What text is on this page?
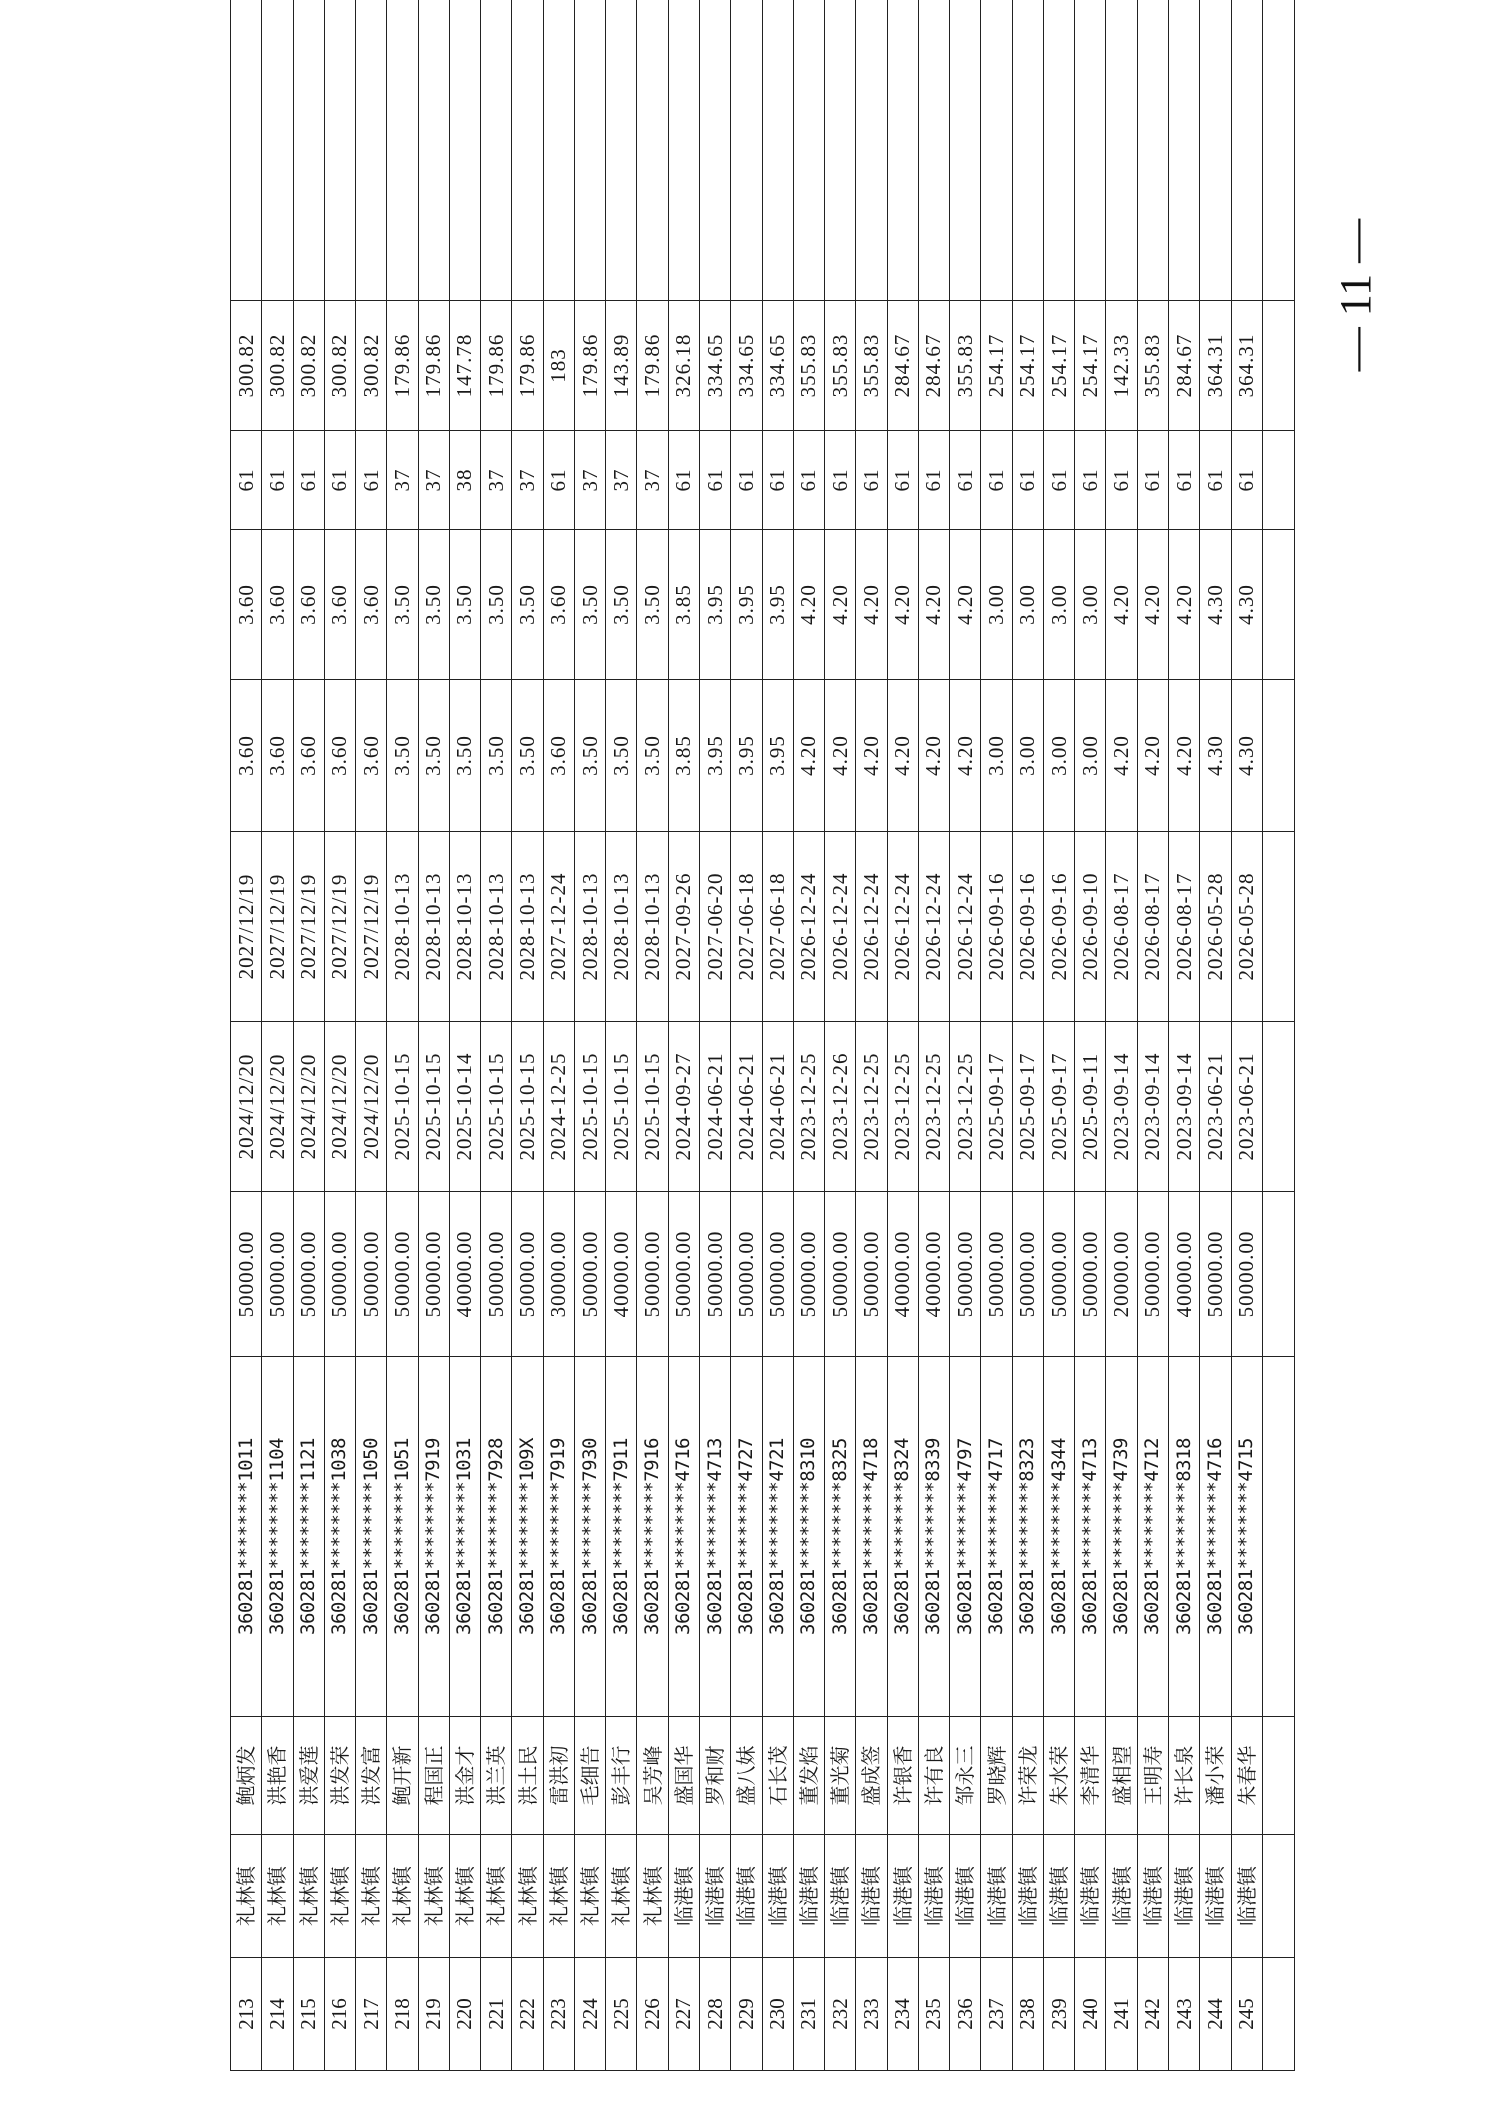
213	礼林镇	鲍炳发	360281********1011	50000.00	2024/12/20	2027/12/19	3.60	3.60	61	300.82	
214	礼林镇	洪艳香	360281********1104	50000.00	2024/12/20	2027/12/19	3.60	3.60	61	300.82	
215	礼林镇	洪爱莲	360281********1121	50000.00	2024/12/20	2027/12/19	3.60	3.60	61	300.82	
216	礼林镇	洪发荣	360281********1038	50000.00	2024/12/20	2027/12/19	3.60	3.60	61	300.82	
217	礼林镇	洪发富	360281********1050	50000.00	2024/12/20	2027/12/19	3.60	3.60	61	300.82	
218	礼林镇	鲍开新	360281********1051	50000.00	2025-10-15	2028-10-13	3.50	3.50	37	179.86	
219	礼林镇	程国正	360281********7919	50000.00	2025-10-15	2028-10-13	3.50	3.50	37	179.86	
220	礼林镇	洪金才	360281********1031	40000.00	2025-10-14	2028-10-13	3.50	3.50	38	147.78	
221	礼林镇	洪兰英	360281********7928	50000.00	2025-10-15	2028-10-13	3.50	3.50	37	179.86	
222	礼林镇	洪土民	360281********109X	50000.00	2025-10-15	2028-10-13	3.50	3.50	37	179.86	
223	礼林镇	雷洪初	360281********7919	30000.00	2024-12-25	2027-12-24	3.60	3.60	61	183	
224	礼林镇	毛细告	360281********7930	50000.00	2025-10-15	2028-10-13	3.50	3.50	37	179.86	
225	礼林镇	彭丰行	360281********7911	40000.00	2025-10-15	2028-10-13	3.50	3.50	37	143.89	
226	礼林镇	吴芳峰	360281********7916	50000.00	2025-10-15	2028-10-13	3.50	3.50	37	179.86	
227	临港镇	盛国华	360281********4716	50000.00	2024-09-27	2027-09-26	3.85	3.85	61	326.18	
228	临港镇	罗和财	360281********4713	50000.00	2024-06-21	2027-06-20	3.95	3.95	61	334.65	
229	临港镇	盛八妹	360281********4727	50000.00	2024-06-21	2027-06-18	3.95	3.95	61	334.65	
230	临港镇	石长茂	360281********4721	50000.00	2024-06-21	2027-06-18	3.95	3.95	61	334.65	
231	临港镇	董发焰	360281********8310	50000.00	2023-12-25	2026-12-24	4.20	4.20	61	355.83	
232	临港镇	董光菊	360281********8325	50000.00	2023-12-26	2026-12-24	4.20	4.20	61	355.83	
233	临港镇	盛成签	360281********4718	50000.00	2023-12-25	2026-12-24	4.20	4.20	61	355.83	
234	临港镇	许银香	360281********8324	40000.00	2023-12-25	2026-12-24	4.20	4.20	61	284.67	
235	临港镇	许有良	360281********8339	40000.00	2023-12-25	2026-12-24	4.20	4.20	61	284.67	
236	临港镇	邹永三	360281********4797	50000.00	2023-12-25	2026-12-24	4.20	4.20	61	355.83	
237	临港镇	罗晓辉	360281********4717	50000.00	2025-09-17	2026-09-16	3.00	3.00	61	254.17	
238	临港镇	许荣龙	360281********8323	50000.00	2025-09-17	2026-09-16	3.00	3.00	61	254.17	
239	临港镇	朱水荣	360281********4344	50000.00	2025-09-17	2026-09-16	3.00	3.00	61	254.17	
240	临港镇	李清华	360281********4713	50000.00	2025-09-11	2026-09-10	3.00	3.00	61	254.17	
241	临港镇	盛相望	360281********4739	20000.00	2023-09-14	2026-08-17	4.20	4.20	61	142.33	
242	临港镇	王明寿	360281********4712	50000.00	2023-09-14	2026-08-17	4.20	4.20	61	355.83	
243	临港镇	许长泉	360281********8318	40000.00	2023-09-14	2026-08-17	4.20	4.20	61	284.67	
244	临港镇	潘小荣	360281********4716	50000.00	2023-06-21	2026-05-28	4.30	4.30	61	364.31	
245	临港镇	朱春华	360281********4715	50000.00	2023-06-21	2026-05-28	4.30	4.30	61	364.31	
												— 11 —
